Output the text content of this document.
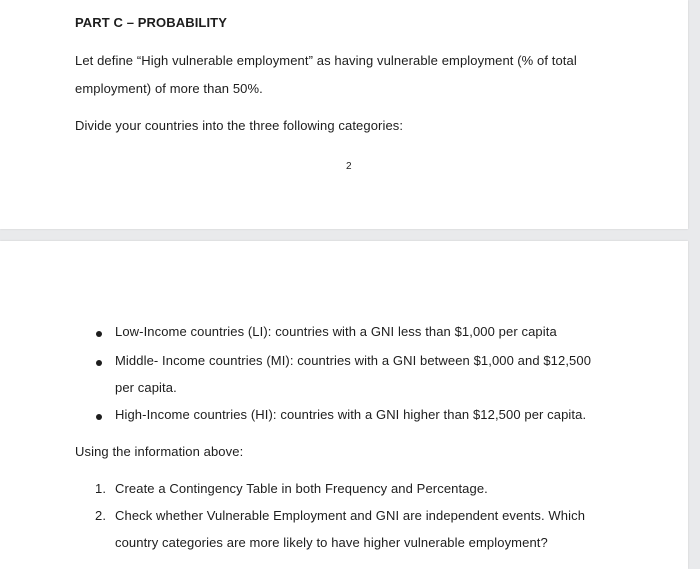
PART C – PROBABILITY
Let define “High vulnerable employment” as having vulnerable employment (% of total
employment) of more than 50%.
Divide your countries into the three following categories:
2
Low-Income countries (LI): countries with a GNI less than $1,000 per capita
Middle- Income countries (MI): countries with a GNI between $1,000 and $12,500
per capita.
High-Income countries (HI): countries with a GNI higher than $12,500 per capita.
Using the information above:
1. Create a Contingency Table in both Frequency and Percentage.
2. Check whether Vulnerable Employment and GNI are independent events. Which
country categories are more likely to have higher vulnerable employment?
